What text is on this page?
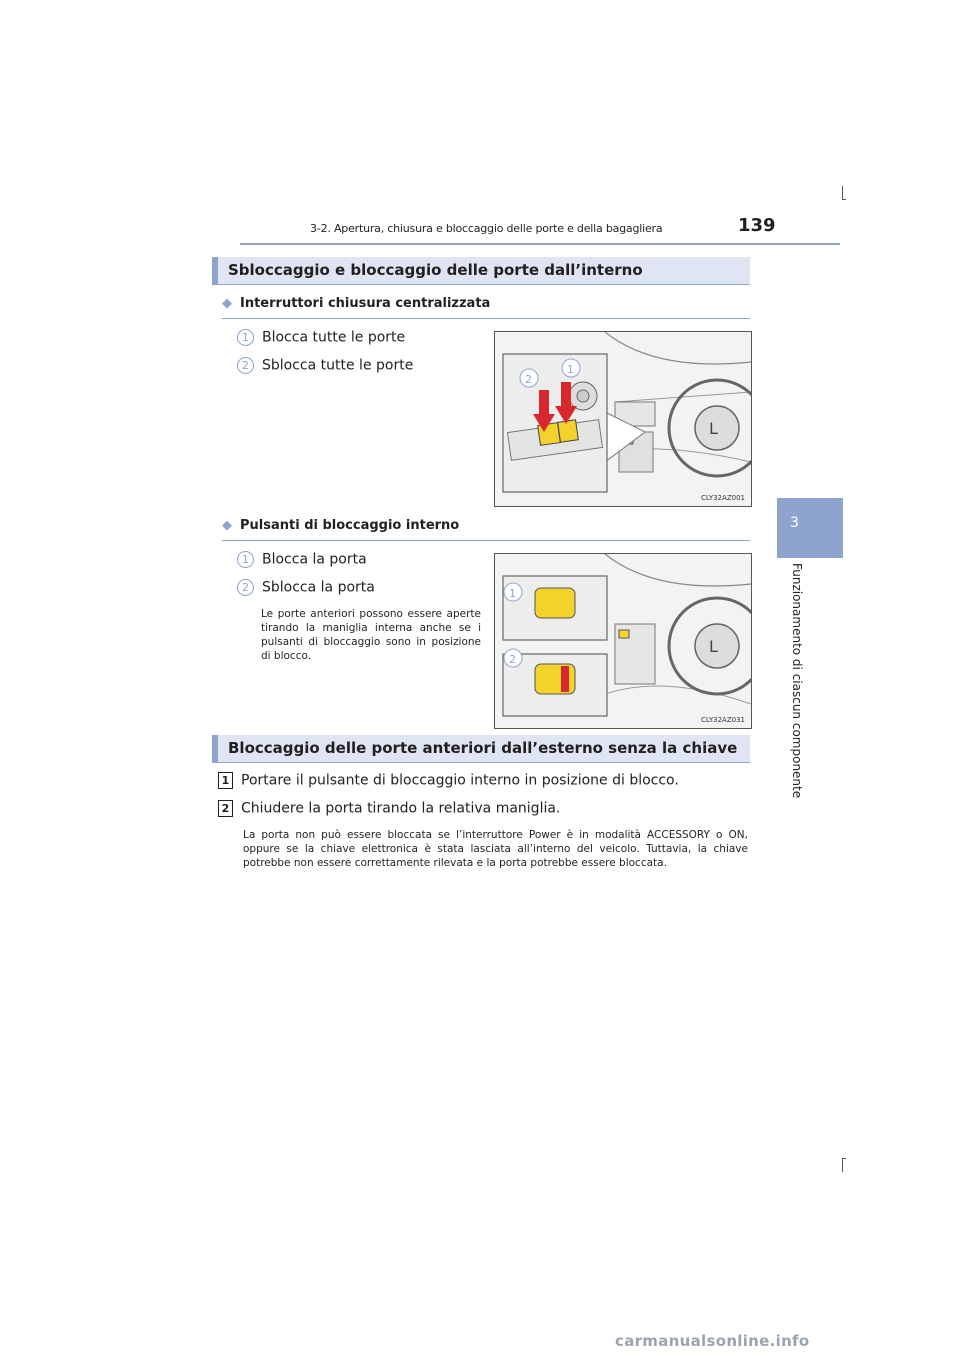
3-2. Apertura, chiusura e bloccaggio delle porte e della bagagliera	139
3
Funzionamento di ciascun componente
Sbloccaggio e bloccaggio delle porte dall’interno
◆ Interruttori chiusura centralizzata
1 Blocca tutte le porte
2 Sblocca tutte le porte
L
2
1
CLY32AZ001
◆ Pulsanti di bloccaggio interno
1 Blocca la porta
2 Sblocca la porta
Le porte anteriori possono essere aperte tirando la maniglia interna anche se i pulsanti di bloccaggio sono in posizione di blocco.	L
1
2
CLY32AZ031
Bloccaggio delle porte anteriori dall’esterno senza la chiave
1 Portare il pulsante di bloccaggio interno in posizione di blocco.
2 Chiudere la porta tirando la relativa maniglia.
La porta non può essere bloccata se l’interruttore Power è in modalità ACCESSORY o ON, oppure se la chiave elettronica è stata lasciata all’interno del veicolo. Tuttavia, la chiave potrebbe non essere correttamente rilevata e la porta potrebbe essere bloccata.
carmanualsonline.info
